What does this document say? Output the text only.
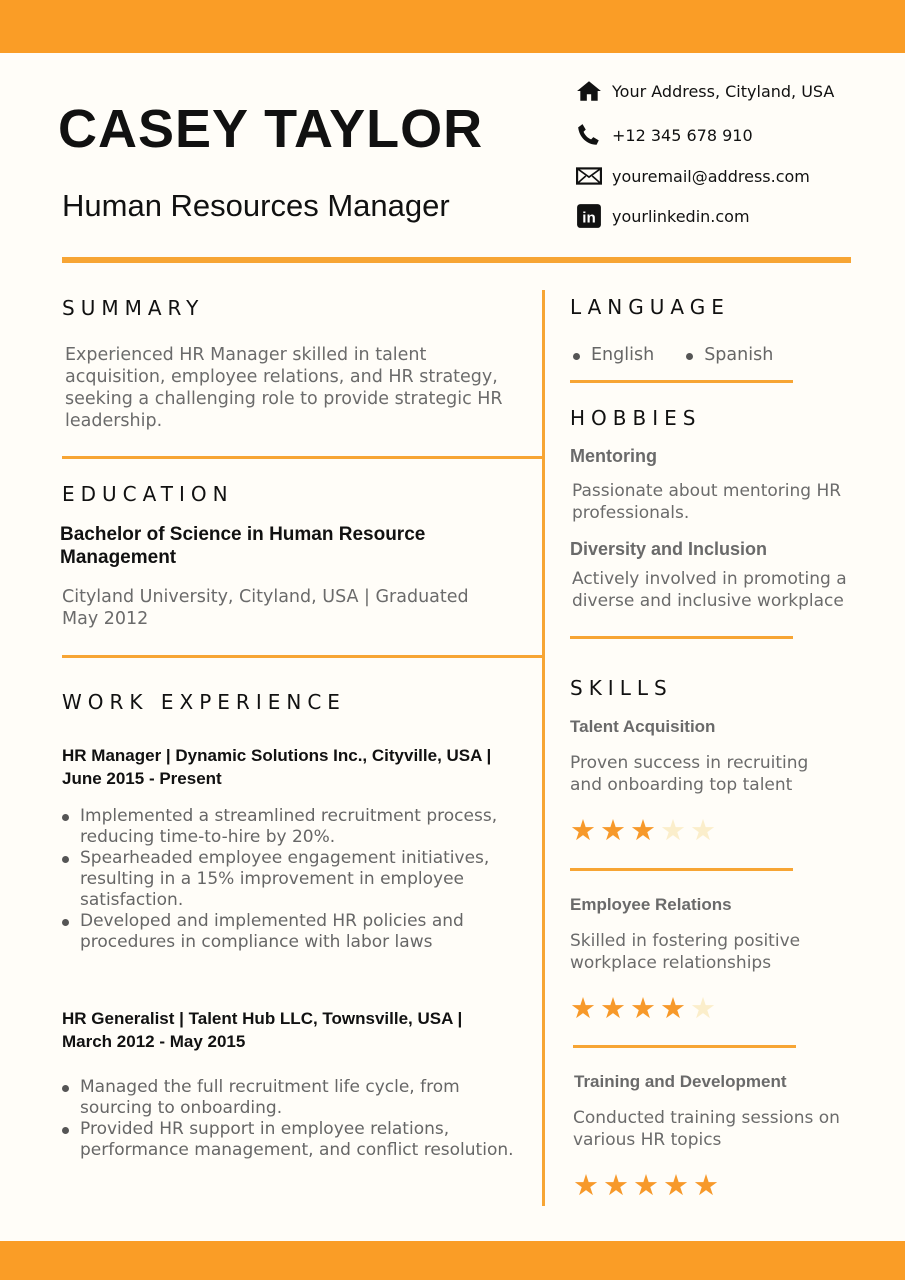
CASEY TAYLOR
Human Resources Manager
Your Address, Cityland, USA
+12 345 678 910
youremail@address.com
in yourlinkedin.com
SUMMARY
Experienced HR Manager skilled in talent acquisition, employee relations, and HR strategy, seeking a challenging role to provide strategic HR leadership.
EDUCATION
Bachelor of Science in Human Resource Management
Cityland University, Cityland, USA | Graduated May 2012
WORK EXPERIENCE
HR Manager | Dynamic Solutions Inc., Cityville, USA | June 2015 - Present
Implemented a streamlined recruitment process, reducing time-to-hire by 20%.
Spearheaded employee engagement initiatives, resulting in a 15% improvement in employee satisfaction.
Developed and implemented HR policies and procedures in compliance with labor laws
HR Generalist | Talent Hub LLC, Townsville, USA | March 2012 - May 2015
Managed the full recruitment life cycle, from sourcing to onboarding.
Provided HR support in employee relations, performance management, and conflict resolution.
LANGUAGE
English	Spanish
HOBBIES
Mentoring
Passionate about mentoring HR professionals.
Diversity and Inclusion
Actively involved in promoting a diverse and inclusive workplace
SKILLS
Talent Acquisition
Proven success in recruiting and onboarding top talent
★ ★ ★ ★ ★
Employee Relations
Skilled in fostering positive workplace relationships
★ ★ ★ ★ ★
Training and Development
Conducted training sessions on various HR topics
★ ★ ★ ★ ★
